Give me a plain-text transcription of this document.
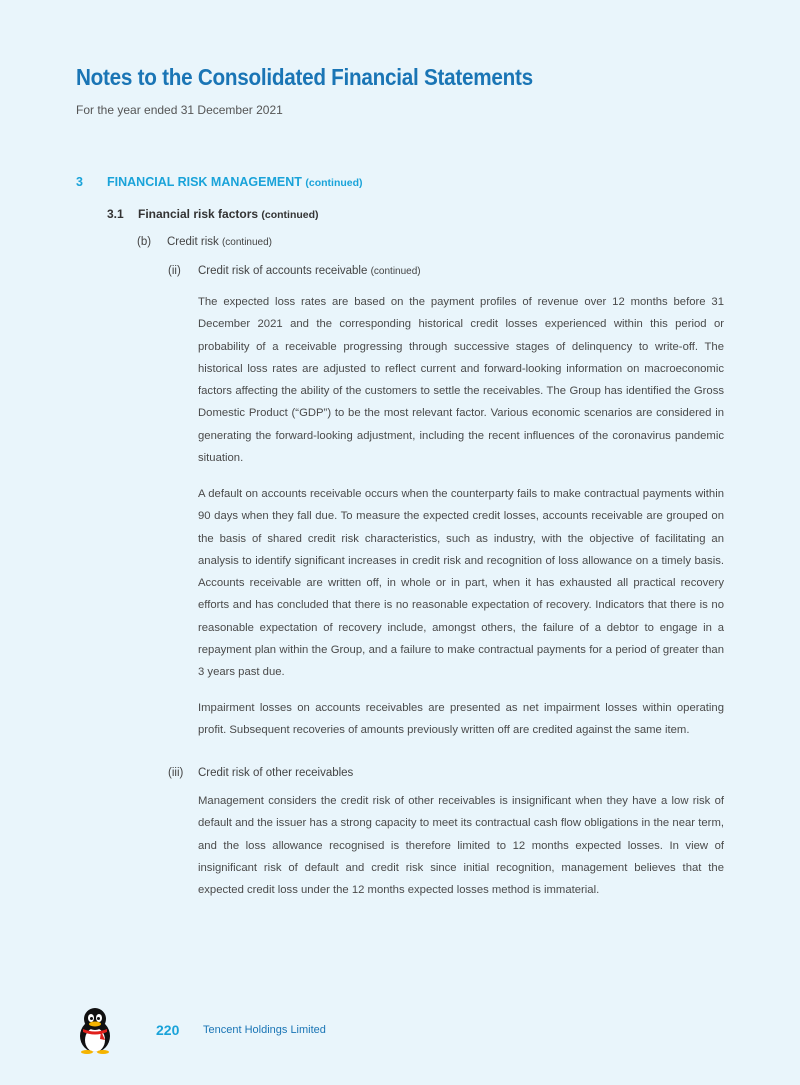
Notes to the Consolidated Financial Statements
For the year ended 31 December 2021
3 FINANCIAL RISK MANAGEMENT (continued)
3.1 Financial risk factors (continued)
(b) Credit risk (continued)
(ii) Credit risk of accounts receivable (continued)

The expected loss rates are based on the payment profiles of revenue over 12 months before 31 December 2021 and the corresponding historical credit losses experienced within this period or probability of a receivable progressing through successive stages of delinquency to write-off. The historical loss rates are adjusted to reflect current and forward-looking information on macroeconomic factors affecting the ability of the customers to settle the receivables. The Group has identified the Gross Domestic Product (“GDP”) to be the most relevant factor. Various economic scenarios are considered in generating the forward-looking adjustment, including the recent influences of the coronavirus pandemic situation.

A default on accounts receivable occurs when the counterparty fails to make contractual payments within 90 days when they fall due. To measure the expected credit losses, accounts receivable are grouped on the basis of shared credit risk characteristics, such as industry, with the objective of facilitating an analysis to identify significant increases in credit risk and recognition of loss allowance on a timely basis. Accounts receivable are written off, in whole or in part, when it has exhausted all practical recovery efforts and has concluded that there is no reasonable expectation of recovery. Indicators that there is no reasonable expectation of recovery include, amongst others, the failure of a debtor to engage in a repayment plan within the Group, and a failure to make contractual payments for a period of greater than 3 years past due.

Impairment losses on accounts receivables are presented as net impairment losses within operating profit. Subsequent recoveries of amounts previously written off are credited against the same item.

(iii) Credit risk of other receivables

Management considers the credit risk of other receivables is insignificant when they have a low risk of default and the issuer has a strong capacity to meet its contractual cash flow obligations in the near term, and the loss allowance recognised is therefore limited to 12 months expected losses. In view of insignificant risk of default and credit risk since initial recognition, management believes that the expected credit loss under the 12 months expected losses method is immaterial.

220 Tencent Holdings Limited
